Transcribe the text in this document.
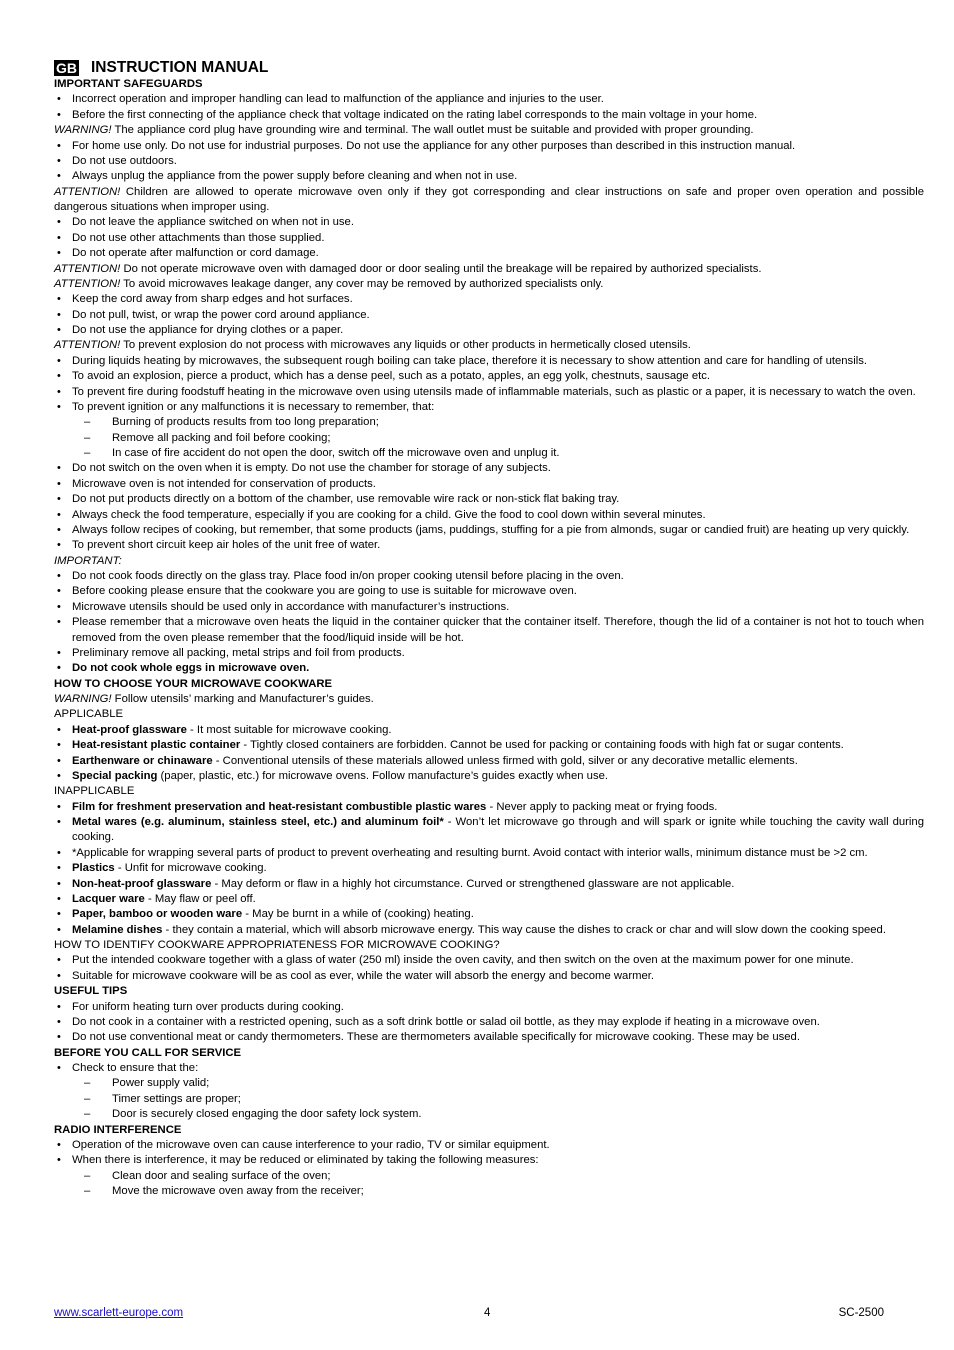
GB INSTRUCTION MANUAL
IMPORTANT SAFEGUARDS
• Incorrect operation and improper handling can lead to malfunction of the appliance and injuries to the user.
• Before the first connecting of the appliance check that voltage indicated on the rating label corresponds to the main voltage in your home.
WARNING! The appliance cord plug have grounding wire and terminal. The wall outlet must be suitable and provided with proper grounding.
• For home use only. Do not use for industrial purposes. Do not use the appliance for any other purposes than described in this instruction manual.
• Do not use outdoors.
• Always unplug the appliance from the power supply before cleaning and when not in use.
ATTENTION! Children are allowed to operate microwave oven only if they got corresponding and clear instructions on safe and proper oven operation and possible dangerous situations when improper using.
• Do not leave the appliance switched on when not in use.
• Do not use other attachments than those supplied.
• Do not operate after malfunction or cord damage.
ATTENTION! Do not operate microwave oven with damaged door or door sealing until the breakage will be repaired by authorized specialists.
ATTENTION! To avoid microwaves leakage danger, any cover may be removed by authorized specialists only.
• Keep the cord away from sharp edges and hot surfaces.
• Do not pull, twist, or wrap the power cord around appliance.
• Do not use the appliance for drying clothes or a paper.
ATTENTION! To prevent explosion do not process with microwaves any liquids or other products in hermetically closed utensils.
• During liquids heating by microwaves, the subsequent rough boiling can take place, therefore it is necessary to show attention and care for handling of utensils.
• To avoid an explosion, pierce a product, which has a dense peel, such as a potato, apples, an egg yolk, chestnuts, sausage etc.
• To prevent fire during foodstuff heating in the microwave oven using utensils made of inflammable materials, such as plastic or a paper, it is necessary to watch the oven.
• To prevent ignition or any malfunctions it is necessary to remember, that:
– Burning of products results from too long preparation;
– Remove all packing and foil before cooking;
– In case of fire accident do not open the door, switch off the microwave oven and unplug it.
• Do not switch on the oven when it is empty. Do not use the chamber for storage of any subjects.
• Microwave oven is not intended for conservation of products.
• Do not put products directly on a bottom of the chamber, use removable wire rack or non-stick flat baking tray.
• Always check the food temperature, especially if you are cooking for a child. Give the food to cool down within several minutes.
• Always follow recipes of cooking, but remember, that some products (jams, puddings, stuffing for a pie from almonds, sugar or candied fruit) are heating up very quickly.
• To prevent short circuit keep air holes of the unit free of water.
IMPORTANT:
• Do not cook foods directly on the glass tray. Place food in/on proper cooking utensil before placing in the oven.
• Before cooking please ensure that the cookware you are going to use is suitable for microwave oven.
• Microwave utensils should be used only in accordance with manufacturer’s instructions.
• Please remember that a microwave oven heats the liquid in the container quicker that the container itself. Therefore, though the lid of a container is not hot to touch when removed from the oven please remember that the food/liquid inside will be hot.
• Preliminary remove all packing, metal strips and foil from products.
• Do not cook whole eggs in microwave oven.
HOW TO CHOOSE YOUR MICROWAVE COOKWARE
WARNING! Follow utensils’ marking and Manufacturer’s guides.
APPLICABLE
• Heat-proof glassware - It most suitable for microwave cooking.
• Heat-resistant plastic container - Tightly closed containers are forbidden. Cannot be used for packing or containing foods with high fat or sugar contents.
• Earthenware or chinaware - Conventional utensils of these materials allowed unless firmed with gold, silver or any decorative metallic elements.
• Special packing (paper, plastic, etc.) for microwave ovens. Follow manufacture’s guides exactly when use.
INAPPLICABLE
• Film for freshment preservation and heat-resistant combustible plastic wares - Never apply to packing meat or frying foods.
• Metal wares (e.g. aluminum, stainless steel, etc.) and aluminum foil* - Won’t let microwave go through and will spark or ignite while touching the cavity wall during cooking.
• *Applicable for wrapping several parts of product to prevent overheating and resulting burnt. Avoid contact with interior walls, minimum distance must be >2 cm.
• Plastics - Unfit for microwave cooking.
• Non-heat-proof glassware - May deform or flaw in a highly hot circumstance. Curved or strengthened glassware are not applicable.
• Lacquer ware - May flaw or peel off.
• Paper, bamboo or wooden ware - May be burnt in a while of (cooking) heating.
• Melamine dishes - they contain a material, which will absorb microwave energy. This way cause the dishes to crack or char and will slow down the cooking speed.
HOW TO IDENTIFY COOKWARE APPROPRIATENESS FOR MICROWAVE COOKING?
• Put the intended cookware together with a glass of water (250 ml) inside the oven cavity, and then switch on the oven at the maximum power for one minute.
• Suitable for microwave cookware will be as cool as ever, while the water will absorb the energy and become warmer.
USEFUL TIPS
• For uniform heating turn over products during cooking.
• Do not cook in a container with a restricted opening, such as a soft drink bottle or salad oil bottle, as they may explode if heating in a microwave oven.
• Do not use conventional meat or candy thermometers. These are thermometers available specifically for microwave cooking. These may be used.
BEFORE YOU CALL FOR SERVICE
• Check to ensure that the:
– Power supply valid;
– Timer settings are proper;
– Door is securely closed engaging the door safety lock system.
RADIO INTERFERENCE
• Operation of the microwave oven can cause interference to your radio, TV or similar equipment.
• When there is interference, it may be reduced or eliminated by taking the following measures:
– Clean door and sealing surface of the oven;
– Move the microwave oven away from the receiver;
www.scarlett-europe.com	4	SC-2500
